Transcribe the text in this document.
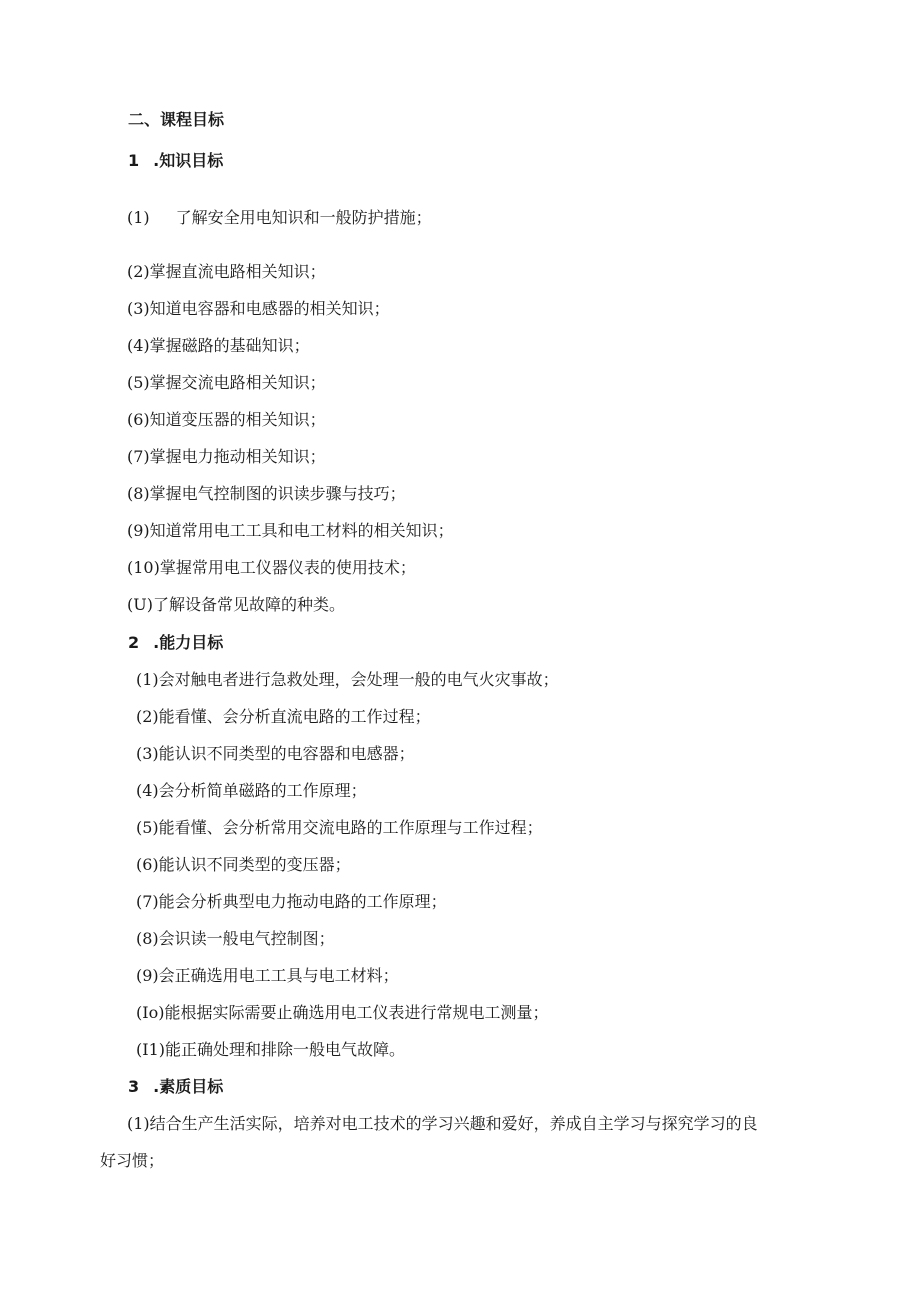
二、课程目标
1 .知识目标
(1) 了解安全用电知识和一般防护措施；
(2)掌握直流电路相关知识；
(3)知道电容器和电感器的相关知识；
(4)掌握磁路的基础知识；
(5)掌握交流电路相关知识；
(6)知道变压器的相关知识；
(7)掌握电力拖动相关知识；
(8)掌握电气控制图的识读步骤与技巧；
(9)知道常用电工工具和电工材料的相关知识；
(10)掌握常用电工仪器仪表的使用技术；
(U)了解设备常见故障的种类。
2 .能力目标
(1)会对触电者进行急救处理，会处理一般的电气火灾事故；
(2)能看懂、会分析直流电路的工作过程；
(3)能认识不同类型的电容器和电感器；
(4)会分析简单磁路的工作原理；
(5)能看懂、会分析常用交流电路的工作原理与工作过程；
(6)能认识不同类型的变压器；
(7)能会分析典型电力拖动电路的工作原理；
(8)会识读一般电气控制图；
(9)会正确选用电工工具与电工材料；
(Io)能根据实际需要止确选用电工仪表进行常规电工测量；
(I1)能正确处理和排除一般电气故障。
3 .素质目标
(1)结合生产生活实际，培养对电工技术的学习兴趣和爱好，养成自主学习与探究学习的良
好习惯；
